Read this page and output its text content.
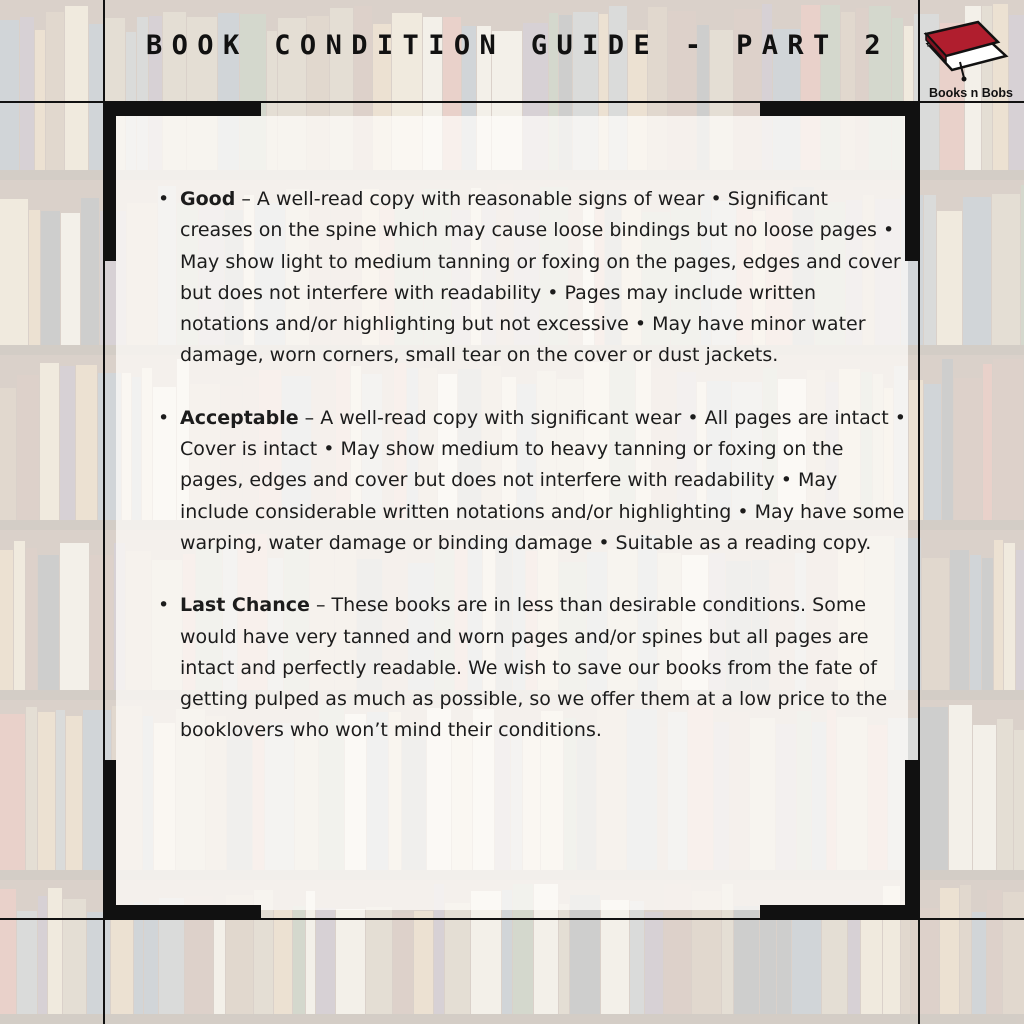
BOOK CONDITION GUIDE - PART 2
Books n Bobs
• Good – A well-read copy with reasonable signs of wear • Significant creases on the spine which may cause loose bindings but no loose pages • May show light to medium tanning or foxing on the pages, edges and cover but does not interfere with readability • Pages may include written notations and/or highlighting but not excessive • May have minor water damage, worn corners, small tear on the cover or dust jackets.
• Acceptable – A well-read copy with significant wear • All pages are intact • Cover is intact • May show medium to heavy tanning or foxing on the pages, edges and cover but does not interfere with readability • May include considerable written notations and/or highlighting • May have some warping, water damage or binding damage • Suitable as a reading copy.
• Last Chance – These books are in less than desirable conditions. Some would have very tanned and worn pages and/or spines but all pages are intact and perfectly readable. We wish to save our books from the fate of getting pulped as much as possible, so we offer them at a low price to the booklovers who won’t mind their conditions.
